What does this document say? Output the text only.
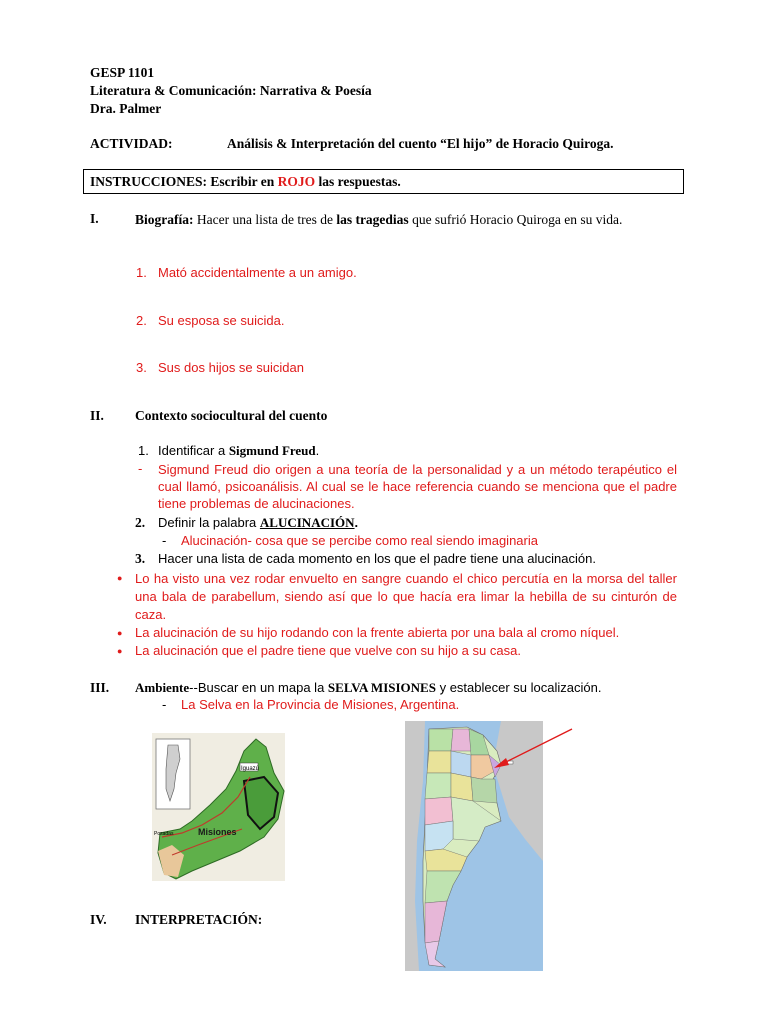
GESP 1101
Literatura & Comunicación: Narrativa & Poesía
Dra. Palmer
ACTIVIDAD:	Análisis & Interpretación del cuento “El hijo” de Horacio Quiroga.
INSTRUCCIONES: Escribir en ROJO las respuestas.
I.	Biografía: Hacer una lista de tres de las tragedias que sufrió Horacio Quiroga en su vida.
1. Mató accidentalmente a un amigo.
2. Su esposa se suicida.
3. Sus dos hijos se suicidan
II. Contexto sociocultural del cuento
1. Identificar a Sigmund Freud.
- Sigmund Freud dio origen a una teoría de la personalidad y a un método terapéutico el cual llamó, psicoanálisis. Al cual se le hace referencia cuando se menciona que el padre tiene problemas de alucinaciones.
2. Definir la palabra ALUCINACIÓN.
- Alucinación- cosa que se percibe como real siendo imaginaria
3. Hacer una lista de cada momento en los que el padre tiene una alucinación.
● Lo ha visto una vez rodar envuelto en sangre cuando el chico percutía en la morsa del taller una bala de parabellum, siendo así que lo que hacía era limar la hebilla de su cinturón de caza.
● La alucinación de su hijo rodando con la frente abierta por una bala al cromo níquel.
● La alucinación que el padre tiene que vuelve con su hijo a su casa.
III. Ambiente--Buscar en un mapa la SELVA MISIONES y establecer su localización.
- La Selva en la Provincia de Misiones, Argentina.
Iguazú
Posadas	Misiones
IV. INTERPRETACIÓN:
